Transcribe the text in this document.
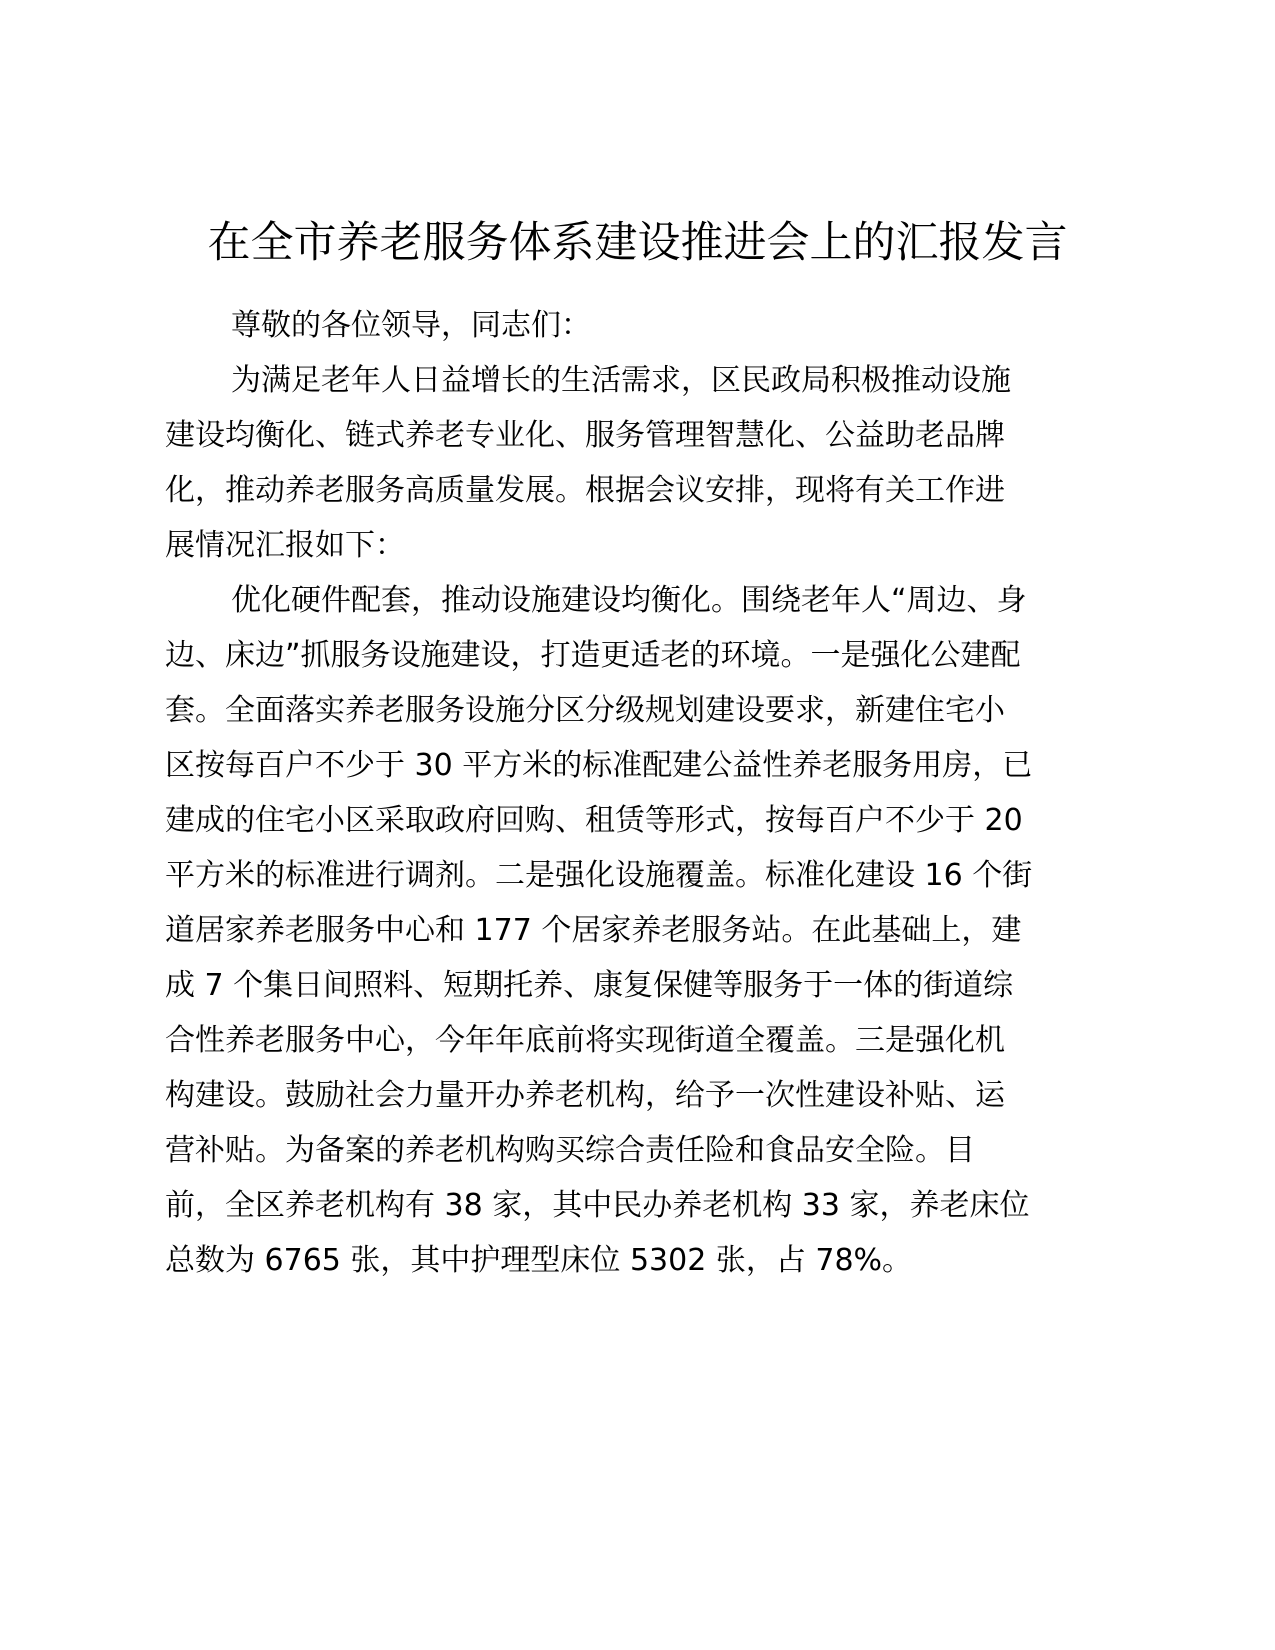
在全市养老服务体系建设推进会上的汇报发言
尊敬的各位领导，同志们：
为满足老年人日益增长的生活需求，区民政局积极推动设施
建设均衡化、链式养老专业化、服务管理智慧化、公益助老品牌
化，推动养老服务高质量发展。根据会议安排，现将有关工作进
展情况汇报如下：
优化硬件配套，推动设施建设均衡化。围绕老年人“周边、身
边、床边”抓服务设施建设，打造更适老的环境。一是强化公建配
套。全面落实养老服务设施分区分级规划建设要求，新建住宅小
区按每百户不少于 30 平方米的标准配建公益性养老服务用房，已
建成的住宅小区采取政府回购、租赁等形式，按每百户不少于 20
平方米的标准进行调剂。二是强化设施覆盖。标准化建设 16 个街
道居家养老服务中心和 177 个居家养老服务站。在此基础上，建
成 7 个集日间照料、短期托养、康复保健等服务于一体的街道综
合性养老服务中心，今年年底前将实现街道全覆盖。三是强化机
构建设。鼓励社会力量开办养老机构，给予一次性建设补贴、运
营补贴。为备案的养老机构购买综合责任险和食品安全险。目
前，全区养老机构有 38 家，其中民办养老机构 33 家，养老床位
总数为 6765 张，其中护理型床位 5302 张，占 78%。
